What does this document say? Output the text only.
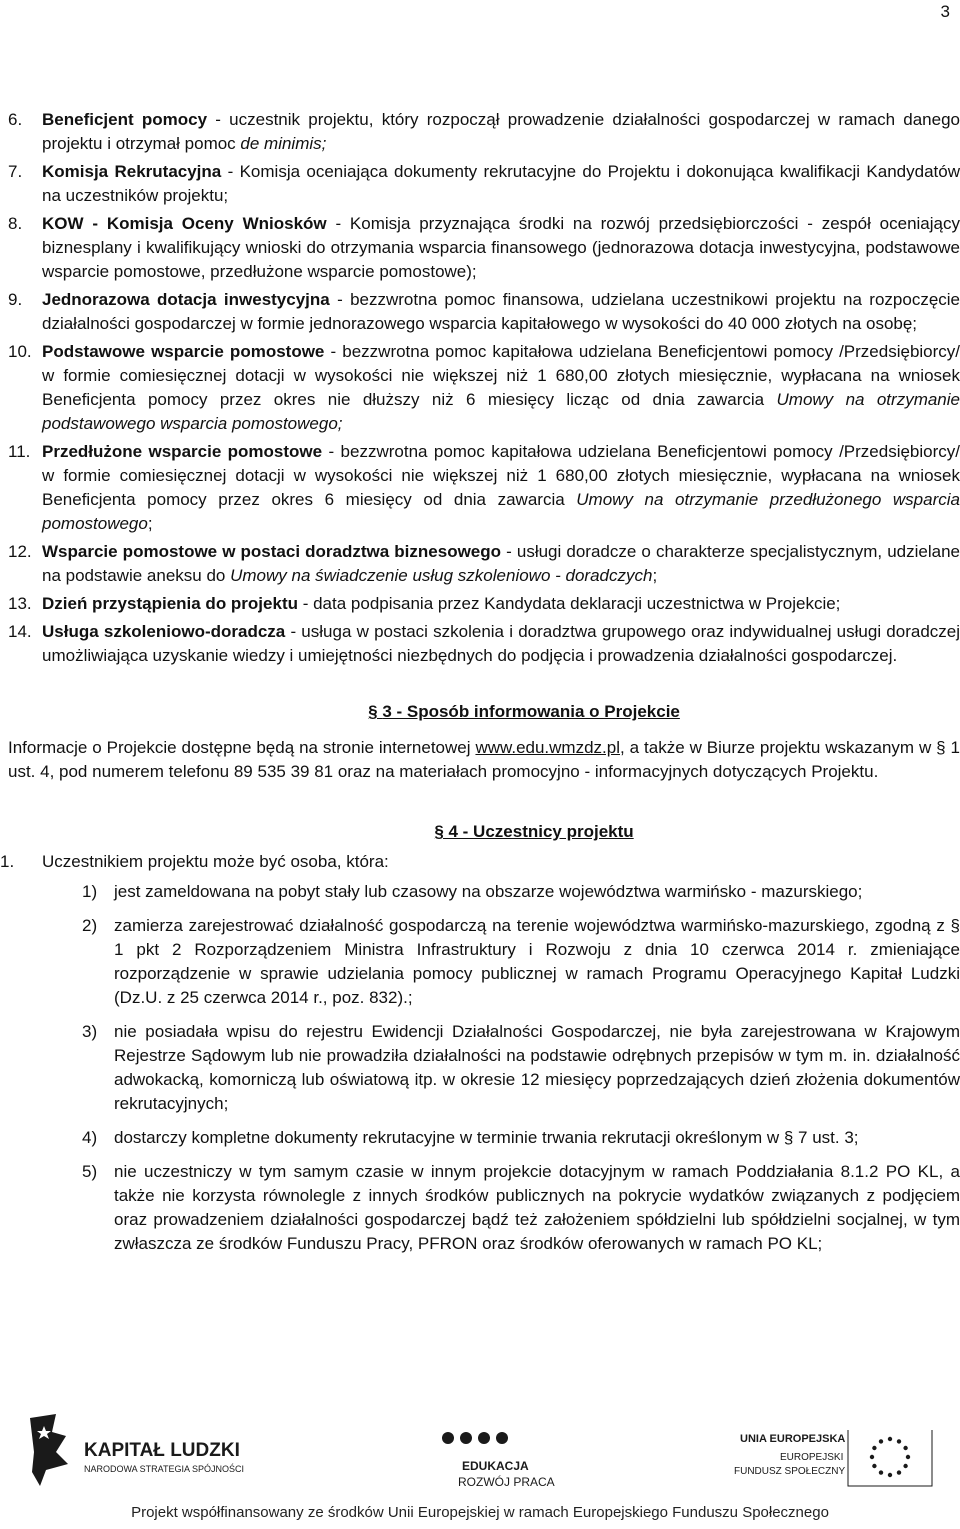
3
6. Beneficjent pomocy - uczestnik projektu, który rozpoczął prowadzenie działalności gospodarczej w ramach danego projektu i otrzymał pomoc de minimis;
7. Komisja Rekrutacyjna - Komisja oceniająca dokumenty rekrutacyjne do Projektu i dokonująca kwalifikacji Kandydatów na uczestników projektu;
8. KOW - Komisja Oceny Wniosków - Komisja przyznająca środki na rozwój przedsiębiorczości - zespół oceniający biznesplany i kwalifikujący wnioski do otrzymania wsparcia finansowego (jednorazowa dotacja inwestycyjna, podstawowe wsparcie pomostowe, przedłużone wsparcie pomostowe);
9. Jednorazowa dotacja inwestycyjna - bezzwrotna pomoc finansowa, udzielana uczestnikowi projektu na rozpoczęcie działalności gospodarczej w formie jednorazowego wsparcia kapitałowego w wysokości do 40 000 złotych na osobę;
10. Podstawowe wsparcie pomostowe - bezzwrotna pomoc kapitałowa udzielana Beneficjentowi pomocy /Przedsiębiorcy/ w formie comiesięcznej dotacji w wysokości nie większej niż 1 680,00 złotych miesięcznie, wypłacana na wniosek Beneficjenta pomocy przez okres nie dłuższy niż 6 miesięcy licząc od dnia zawarcia Umowy na otrzymanie podstawowego wsparcia pomostowego;
11. Przedłużone wsparcie pomostowe - bezzwrotna pomoc kapitałowa udzielana Beneficjentowi pomocy /Przedsiębiorcy/ w formie comiesięcznej dotacji w wysokości nie większej niż 1 680,00 złotych miesięcznie, wypłacana na wniosek Beneficjenta pomocy przez okres 6 miesięcy od dnia zawarcia Umowy na otrzymanie przedłużonego wsparcia pomostowego;
12. Wsparcie pomostowe w postaci doradztwa biznesowego - usługi doradcze o charakterze specjalistycznym, udzielane na podstawie aneksu do Umowy na świadczenie usług szkoleniowo - doradczych;
13. Dzień przystąpienia do projektu - data podpisania przez Kandydata deklaracji uczestnictwa w Projekcie;
14. Usługa szkoleniowo-doradcza - usługa w postaci szkolenia i doradztwa grupowego oraz indywidualnej usługi doradczej umożliwiająca uzyskanie wiedzy i umiejętności niezbędnych do podjęcia i prowadzenia działalności gospodarczej.

§ 3 - Sposób informowania o Projekcie

Informacje o Projekcie dostępne będą na stronie internetowej www.edu.wmzdz.pl, a także w Biurze projektu wskazanym w § 1 ust. 4, pod numerem telefonu 89 535 39 81 oraz na materiałach promocyjno - informacyjnych dotyczących Projektu.

§ 4 - Uczestnicy projektu

1. Uczestnikiem projektu może być osoba, która:
1) jest zameldowana na pobyt stały lub czasowy na obszarze województwa warmińsko - mazurskiego;
2) zamierza zarejestrować działalność gospodarczą na terenie województwa warmińsko-mazurskiego, zgodną z § 1 pkt 2 Rozporządzeniem Ministra Infrastruktury i Rozwoju z dnia 10 czerwca 2014 r. zmieniające rozporządzenie w sprawie udzielania pomocy publicznej w ramach Programu Operacyjnego Kapitał Ludzki (Dz.U. z 25 czerwca 2014 r., poz. 832).;
3) nie posiadała wpisu do rejestru Ewidencji Działalności Gospodarczej, nie była zarejestrowana w Krajowym Rejestrze Sądowym lub nie prowadziła działalności na podstawie odrębnych przepisów w tym m. in. działalność adwokacką, komorniczą lub oświatową itp. w okresie 12 miesięcy poprzedzających dzień złożenia dokumentów rekrutacyjnych;
4) dostarczy kompletne dokumenty rekrutacyjne w terminie trwania rekrutacji określonym w § 7 ust. 3;
5) nie uczestniczy w tym samym czasie w innym projekcie dotacyjnym w ramach Poddziałania 8.1.2 PO KL, a także nie korzysta równolegle z innych środków publicznych na pokrycie wydatków związanych z podjęciem oraz prowadzeniem działalności gospodarczej bądź też założeniem spółdzielni lub spółdzielni socjalnej, w tym zwłaszcza ze środków Funduszu Pracy, PFRON oraz środków oferowanych w ramach PO KL;
KAPITAŁ LUDZKI
NARODOWA STRATEGIA SPÓJNOŚCI	EDUKACJA
ROZWÓJ PRACA
UNIA EUROPEJSKA
EUROPEJSKI
FUNDUSZ SPOŁECZNY
Projekt współfinansowany ze środków Unii Europejskiej w ramach Europejskiego Funduszu Społecznego
